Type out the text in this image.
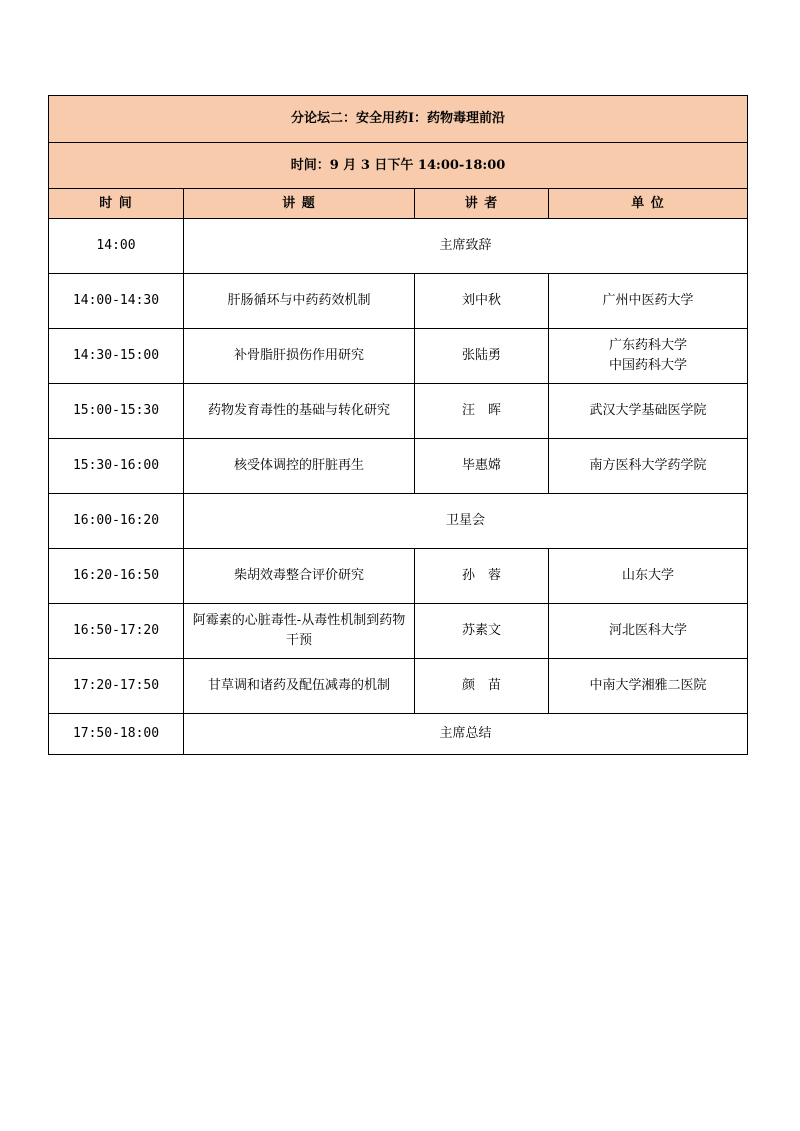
分论坛二：安全用药Ⅰ：药物毒理前沿			
时间：9 月 3 日下午 14:00-18:00			
时 间	讲 题	讲 者	单 位
14:00	主席致辞		
14:00-14:30	肝肠循环与中药药效机制	刘中秋	广州中医药大学

14:30-15:00	补骨脂肝损伤作用研究	张陆勇	广东药科大学
中国药科大学

15:00-15:30	药物发育毒性的基础与转化研究	汪　晖	武汉大学基础医学院

15:30-16:00	核受体调控的肝脏再生	毕惠嫦	南方医科大学药学院

16:00-16:20	卫星会		
16:20-16:50	柴胡效毒整合评价研究	孙　蓉	山东大学

16:50-17:20	阿霉素的心脏毒性-从毒性机制到药物干预	苏素文	河北医科大学

17:20-17:50	甘草调和诸药及配伍减毒的机制	颜　苗	中南大学湘雅二医院

17:50-18:00	主席总结		
